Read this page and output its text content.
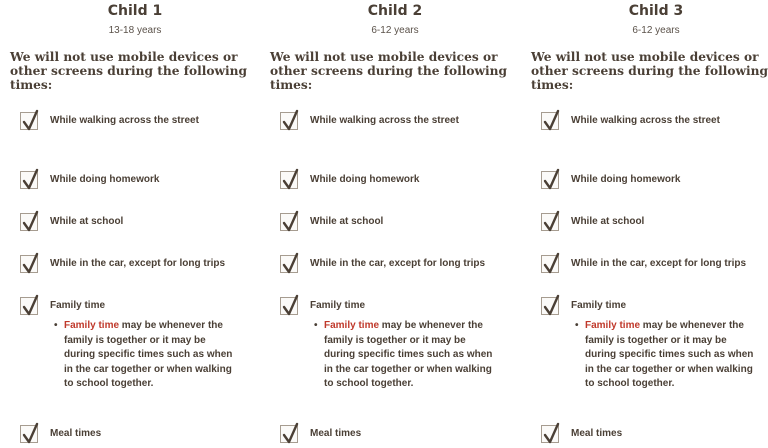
Child 1
13-18 years

We will not use mobile devices or other screens during the following times:

While walking across the street
While doing homework
While at school
While in the car, except for long trips
Family time
• Family time may be whenever the family is together or it may be during specific times such as when in the car together or when walking to school together.
Meal times
Child 2
6-12 years

We will not use mobile devices or other screens during the following times:

While walking across the street
While doing homework
While at school
While in the car, except for long trips
Family time
• Family time may be whenever the family is together or it may be during specific times such as when in the car together or when walking to school together.
Meal times
Child 3
6-12 years

We will not use mobile devices or other screens during the following times:

While walking across the street
While doing homework
While at school
While in the car, except for long trips
Family time
• Family time may be whenever the family is together or it may be during specific times such as when in the car together or when walking to school together.
Meal times
